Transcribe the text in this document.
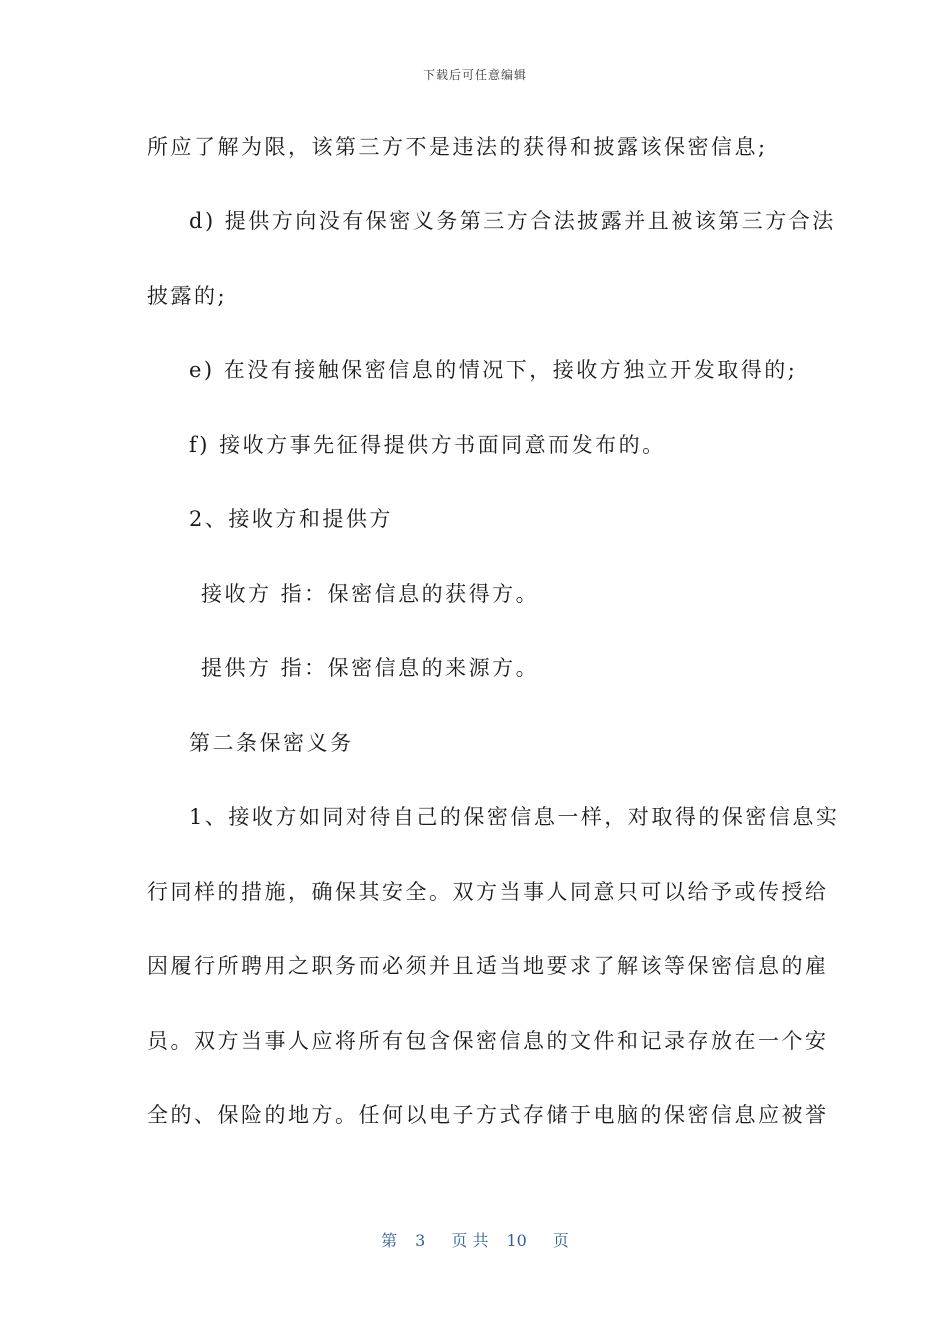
下载后可任意编辑
所应了解为限，该第三方不是违法的获得和披露该保密信息;
d) 提供方向没有保密义务第三方合法披露并且被该第三方合法
披露的;
e) 在没有接触保密信息的情况下，接收方独立开发取得的;
f) 接收方事先征得提供方书面同意而发布的。
2、接收方和提供方
接收方 指：保密信息的获得方。
提供方 指：保密信息的来源方。
第二条保密义务
1、接收方如同对待自己的保密信息一样，对取得的保密信息实
行同样的措施，确保其安全。双方当事人同意只可以给予或传授给
因履行所聘用之职务而必须并且适当地要求了解该等保密信息的雇
员。双方当事人应将所有包含保密信息的文件和记录存放在一个安
全的、保险的地方。任何以电子方式存储于电脑的保密信息应被誉
第 3 页 共 10 页
